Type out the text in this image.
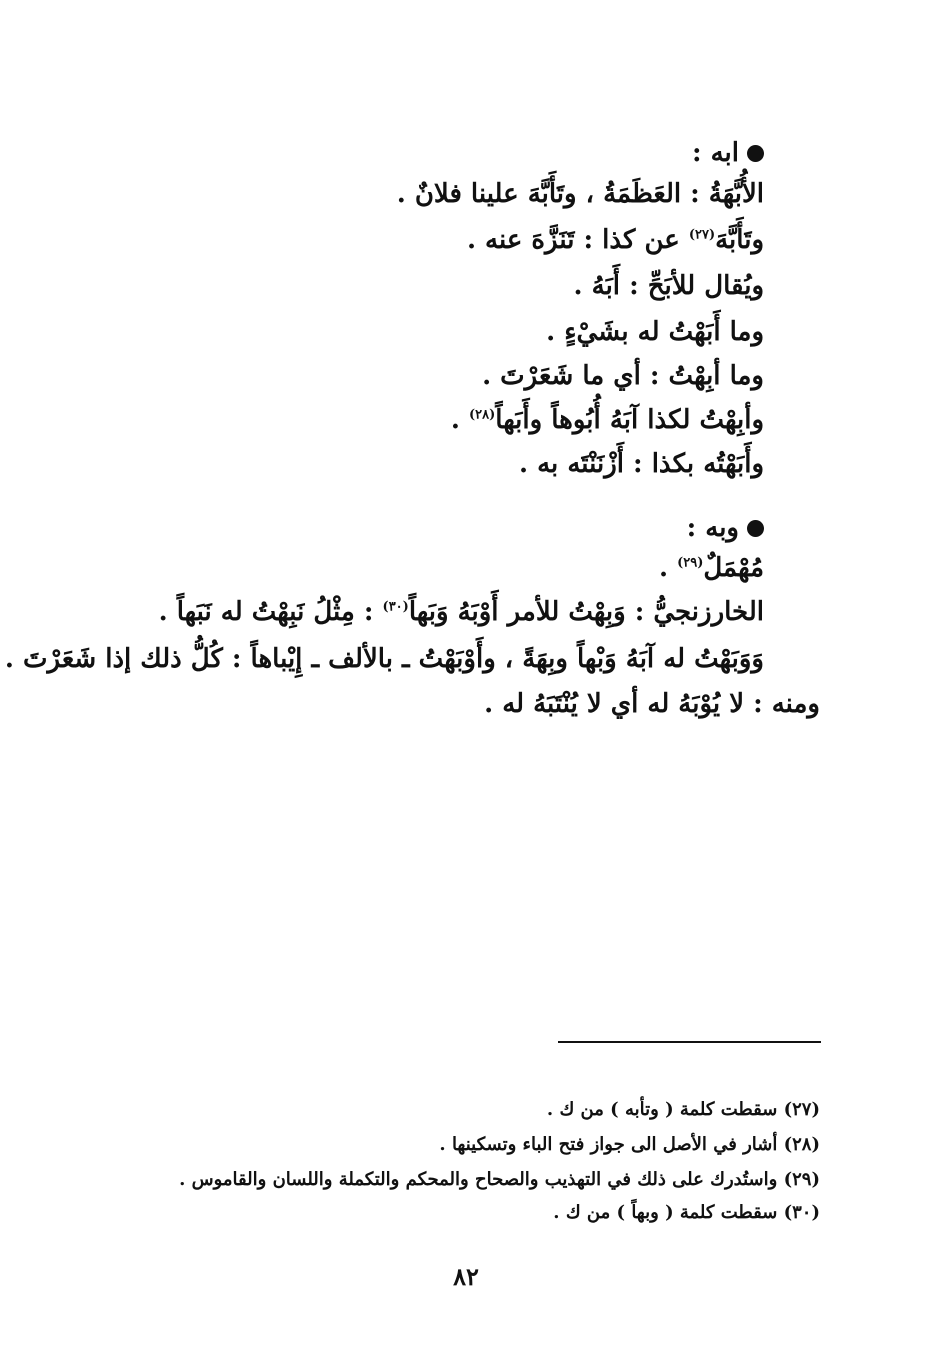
ابه :
الأُبَّهَةُ : العَظَمَةُ ، وتَأَبَّهَ علينا فلانٌ .
وتَأَبَّهَ$^{(٢٧)}$ عن كذا : تَنَزَّهَ عنه .
ويُقال للأبَحِّ : أَبَهُ .
وما أَبَهْتُ له بشَيْءٍ .
وما أبِهْتُ : أي ما شَعَرْتَ .
وأبِهْتُ لكذا آبَهُ أُبُوهاً وأَبَهاً$^{(٢٨)}$ .
وأَبَهْتُه بكذا : أَزْنَنْتَه به .
وبه :
مُهْمَلٌ$^{(٢٩)}$ .
الخارزنجيُّ : وَبِهْتُ للأمر أَوْبَهُ وَبَهاً$^{(٣٠)}$ : مِثْلُ نَبِهْتُ له نَبَهاً .
وَوَبَهْتُ له آبَهُ وَبْهاً وبِهَةً ، وأَوْبَهْتُ ـ بالألف ـ إِيْباهاً : كُلُّ ذلك إذا شَعَرْتَ .
ومنه : لا يُوْبَهُ له أي لا يُنْتَبَهُ له .
(٢٧) سقطت كلمة ( وتأبه ) من ك .
(٢٨) أشار في الأصل الى جواز فتح الباء وتسكينها .
(٢٩) واستُدرك على ذلك في التهذيب والصحاح والمحكم والتكملة واللسان والقاموس .
(٣٠) سقطت كلمة ( وبهاً ) من ك .
٨٢
